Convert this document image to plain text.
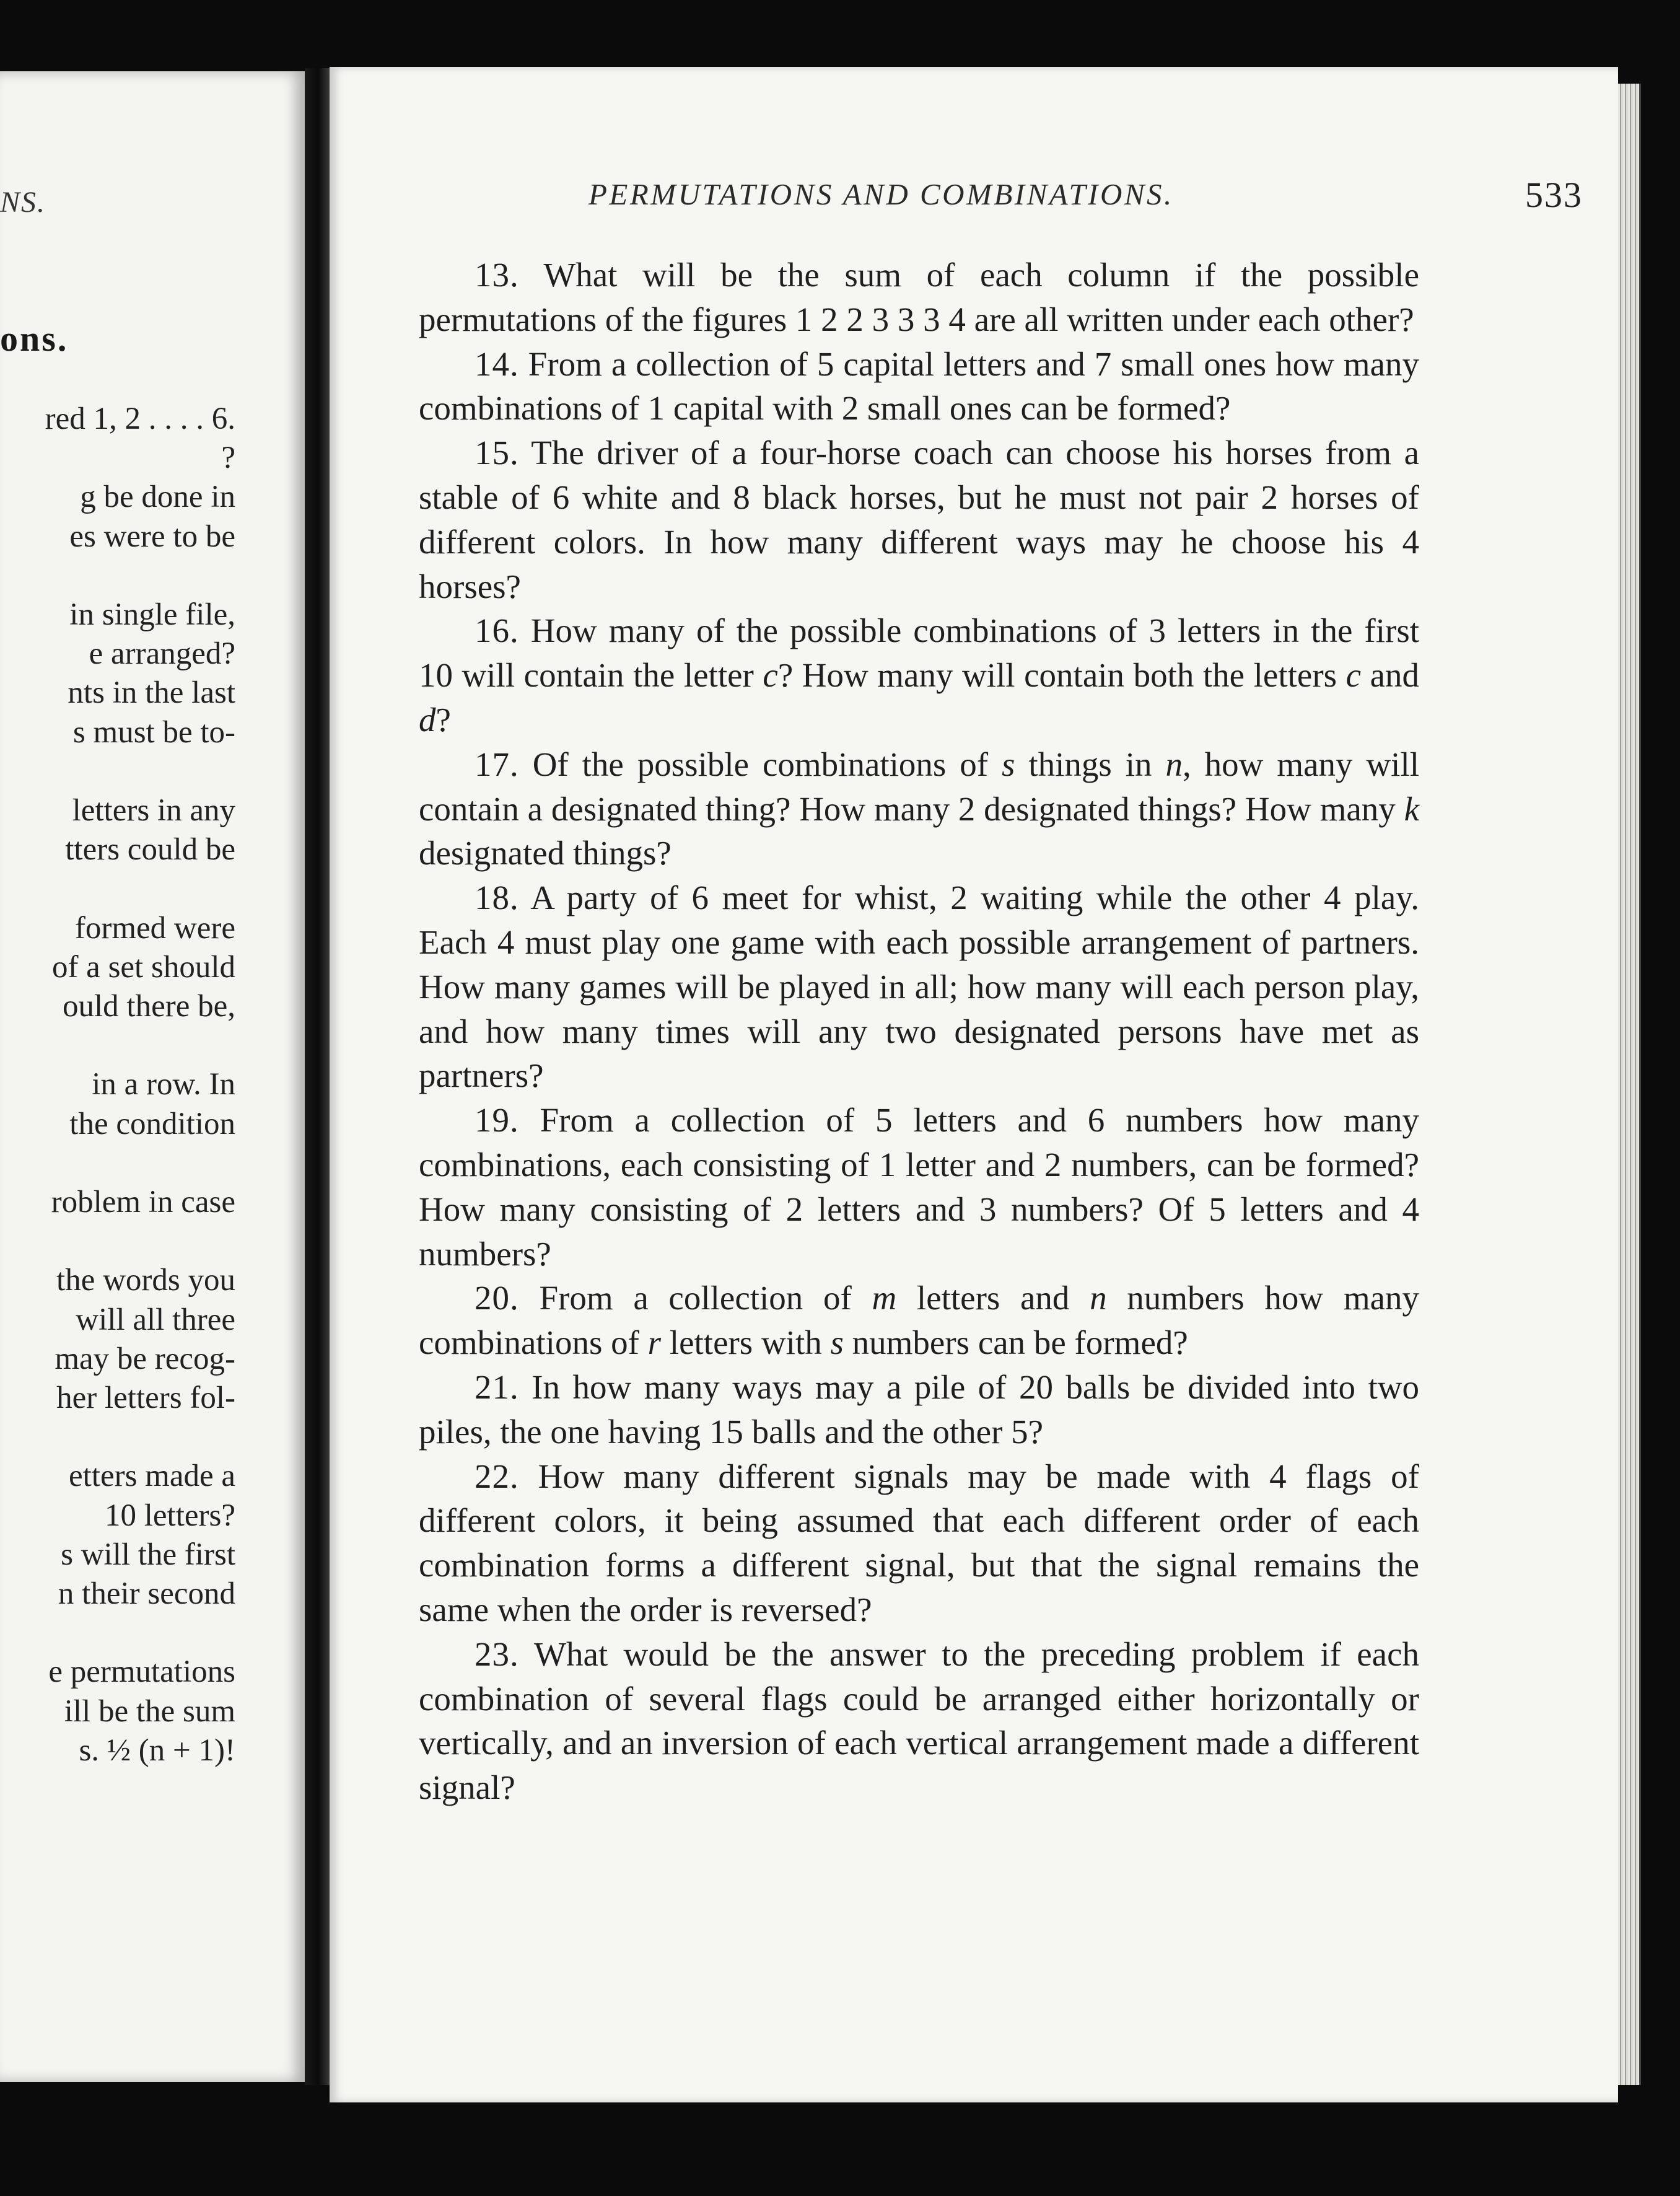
NS.
ons.
red 1, 2 . . . . 6.
?
g be done in
es were to be
in single file,
e arranged?
nts in the last
s must be to-
letters in any
tters could be
formed were
of a set should
ould there be,
in a row. In
the condition
roblem in case
the words you
will all three
may be recog-
her letters fol-
etters made a
10 letters?
s will the first
n their second
e permutations
ill be the sum
s. ½ (n + 1)!
PERMUTATIONS AND COMBINATIONS.	533

13. What will be the sum of each column if the possible permutations of the figures 1 2 2 3 3 3 4 are all written under each other?

14. From a collection of 5 capital letters and 7 small ones how many combinations of 1 capital with 2 small ones can be formed?

15. The driver of a four-horse coach can choose his horses from a stable of 6 white and 8 black horses, but he must not pair 2 horses of different colors. In how many different ways may he choose his 4 horses?

16. How many of the possible combinations of 3 letters in the first 10 will contain the letter c? How many will contain both the letters c and d?

17. Of the possible combinations of s things in n, how many will contain a designated thing? How many 2 designated things? How many k designated things?

18. A party of 6 meet for whist, 2 waiting while the other 4 play. Each 4 must play one game with each possible arrangement of partners. How many games will be played in all; how many will each person play, and how many times will any two designated persons have met as partners?

19. From a collection of 5 letters and 6 numbers how many combinations, each consisting of 1 letter and 2 numbers, can be formed? How many consisting of 2 letters and 3 numbers? Of 5 letters and 4 numbers?

20. From a collection of m letters and n numbers how many combinations of r letters with s numbers can be formed?

21. In how many ways may a pile of 20 balls be divided into two piles, the one having 15 balls and the other 5?

22. How many different signals may be made with 4 flags of different colors, it being assumed that each different order of each combination forms a different signal, but that the signal remains the same when the order is reversed?

23. What would be the answer to the preceding problem if each combination of several flags could be arranged either horizontally or vertically, and an inversion of each vertical arrangement made a different signal?
